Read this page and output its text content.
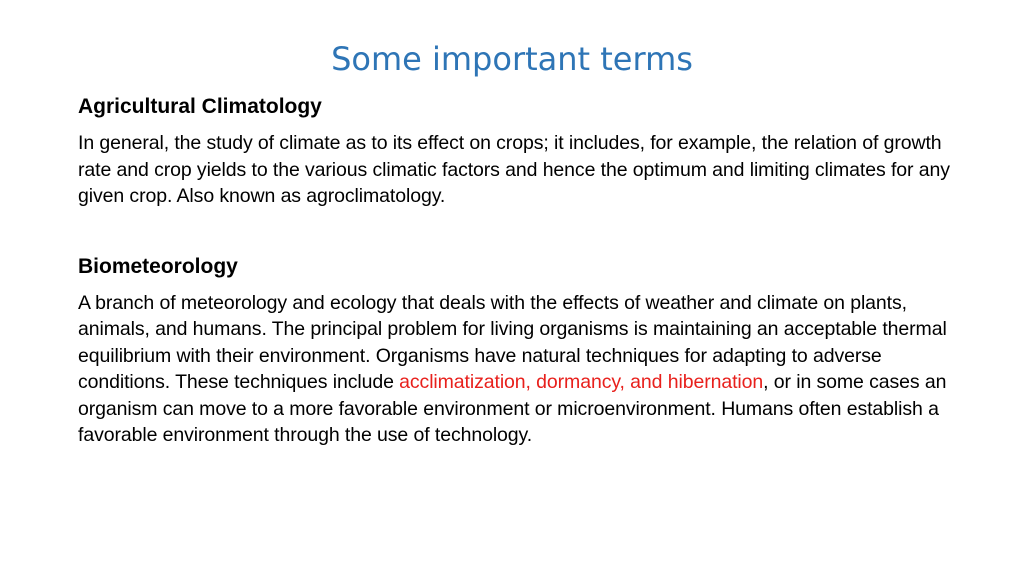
Some important terms

Agricultural Climatology

In general, the study of climate as to its effect on crops; it includes, for example, the relation of growth rate and crop yields to the various climatic factors and hence the optimum and limiting climates for any given crop. Also known as agroclimatology.

Biometeorology

A branch of meteorology and ecology that deals with the effects of weather and climate on plants, animals, and humans. The principal problem for living organisms is maintaining an acceptable thermal equilibrium with their environment. Organisms have natural techniques for adapting to adverse conditions. These techniques include acclimatization, dormancy, and hibernation, or in some cases an organism can move to a more favorable environment or microenvironment. Humans often establish a favorable environment through the use of technology.
